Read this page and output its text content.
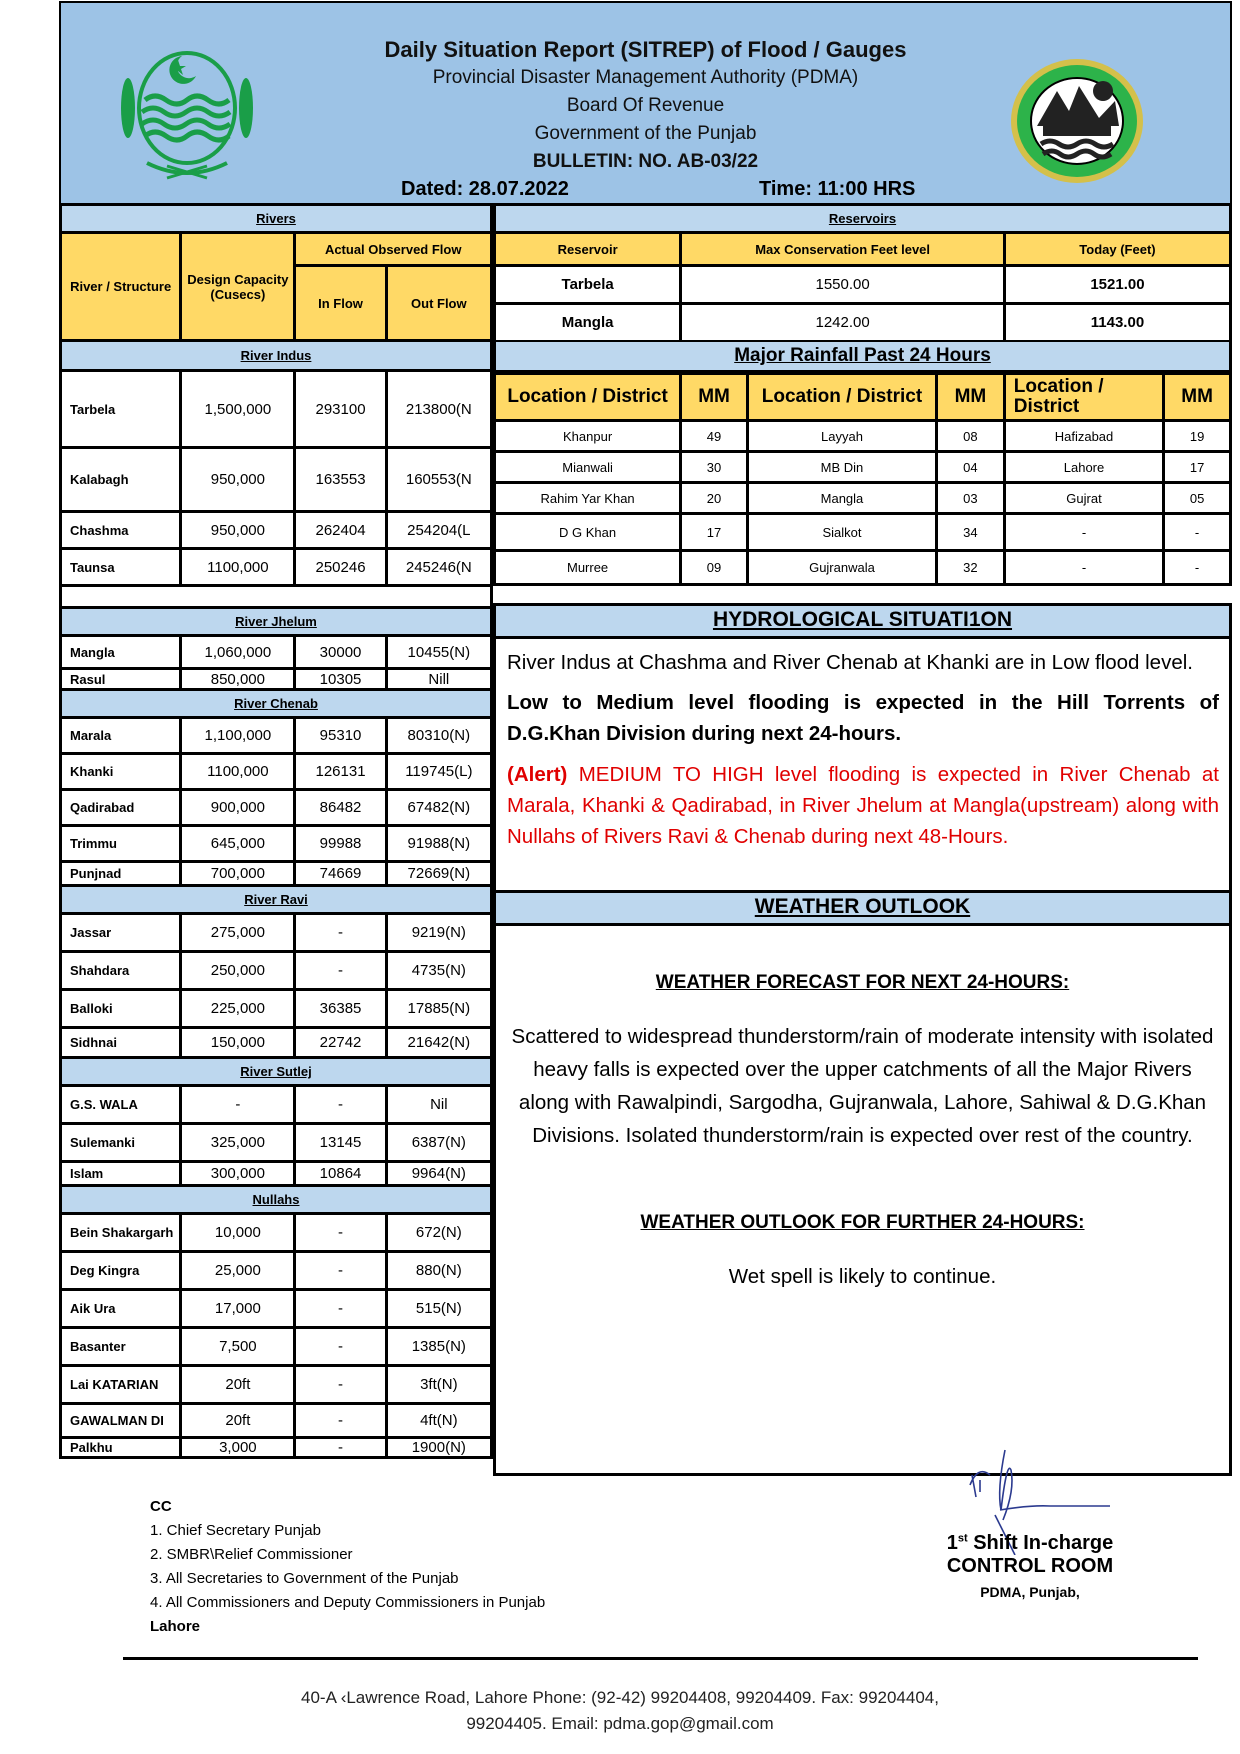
Daily Situation Report (SITREP) of Flood / Gauges
Provincial Disaster Management Authority (PDMA)
Board Of Revenue
Government of the Punjab
BULLETIN: NO. AB-03/22
Dated: 28.07.2022	Time: 11:00 HRS
Rivers			
River / Structure	Design Capacity (Cusecs)	Actual Observed Flow	
		In Flow	Out Flow
River Indus			
Tarbela	1,500,000	293100	213800(N
Kalabagh	950,000	163553	160553(N
Chashma	950,000	262404	254204(L
Taunsa	1100,000	250246	245246(N

River Jhelum			
Mangla	1,060,000	30000	10455(N)
Rasul	850,000	10305	Nill
River Chenab			
Marala	1,100,000	95310	80310(N)
Khanki	1100,000	126131	119745(L)
Qadirabad	900,000	86482	67482(N)
Trimmu	645,000	99988	91988(N)
Punjnad	700,000	74669	72669(N)
River Ravi			
Jassar	275,000	-	9219(N)
Shahdara	250,000	-	4735(N)
Balloki	225,000	36385	17885(N)
Sidhnai	150,000	22742	21642(N)
River Sutlej			
G.S. WALA	-	-	Nil
Sulemanki	325,000	13145	6387(N)
Islam	300,000	10864	9964(N)
Nullahs			
Bein Shakargarh	10,000	-	672(N)
Deg Kingra	25,000	-	880(N)
Aik Ura	17,000	-	515(N)
Basanter	7,500	-	1385(N)
Lai KATARIAN	20ft	-	3ft(N)
GAWALMAN DI	20ft	-	4ft(N)
Palkhu	3,000	-	1900(N)
Reservoirs		
Reservoir	Max Conservation Feet level	Today (Feet)
Tarbela	1550.00	1521.00
Mangla	1242.00	1143.00
Major Rainfall Past 24 Hours
Location / District	MM	Location / District	MM	Location / District	MM
Khanpur	49	Layyah	08	Hafizabad	19
Mianwali	30	MB Din	04	Lahore	17
Rahim Yar Khan	20	Mangla	03	Gujrat	05
D G Khan	17	Sialkot	34	-	-
Murree	09	Gujranwala	32	-	-
HYDROLOGICAL SITUATI1ON
River Indus at Chashma and River Chenab at Khanki are in Low flood level.
Low to Medium level flooding is expected in the Hill Torrents of D.G.Khan Division during next 24-hours.
(Alert) MEDIUM TO HIGH level flooding is expected in River Chenab at Marala, Khanki & Qadirabad, in River Jhelum at Mangla(upstream) along with Nullahs of Rivers Ravi & Chenab during next 48-Hours.
WEATHER OUTLOOK
WEATHER FORECAST FOR NEXT 24-HOURS:
Scattered to widespread thunderstorm/rain of moderate intensity with isolated heavy falls is expected over the upper catchments of all the Major Rivers along with Rawalpindi, Sargodha, Gujranwala, Lahore, Sahiwal & D.G.Khan Divisions. Isolated thunderstorm/rain is expected over rest of the country.
WEATHER OUTLOOK FOR FURTHER 24-HOURS:
Wet spell is likely to continue.
CC
1. Chief Secretary Punjab
2. SMBR\Relief Commissioner
3. All Secretaries to Government of the Punjab
4. All Commissioners and Deputy Commissioners in Punjab
Lahore
1st Shift In-charge
CONTROL ROOM
PDMA, Punjab,
40-A ‹Lawrence Road, Lahore Phone: (92-42) 99204408, 99204409. Fax: 99204404,
99204405. Email: pdma.gop@gmail.com
